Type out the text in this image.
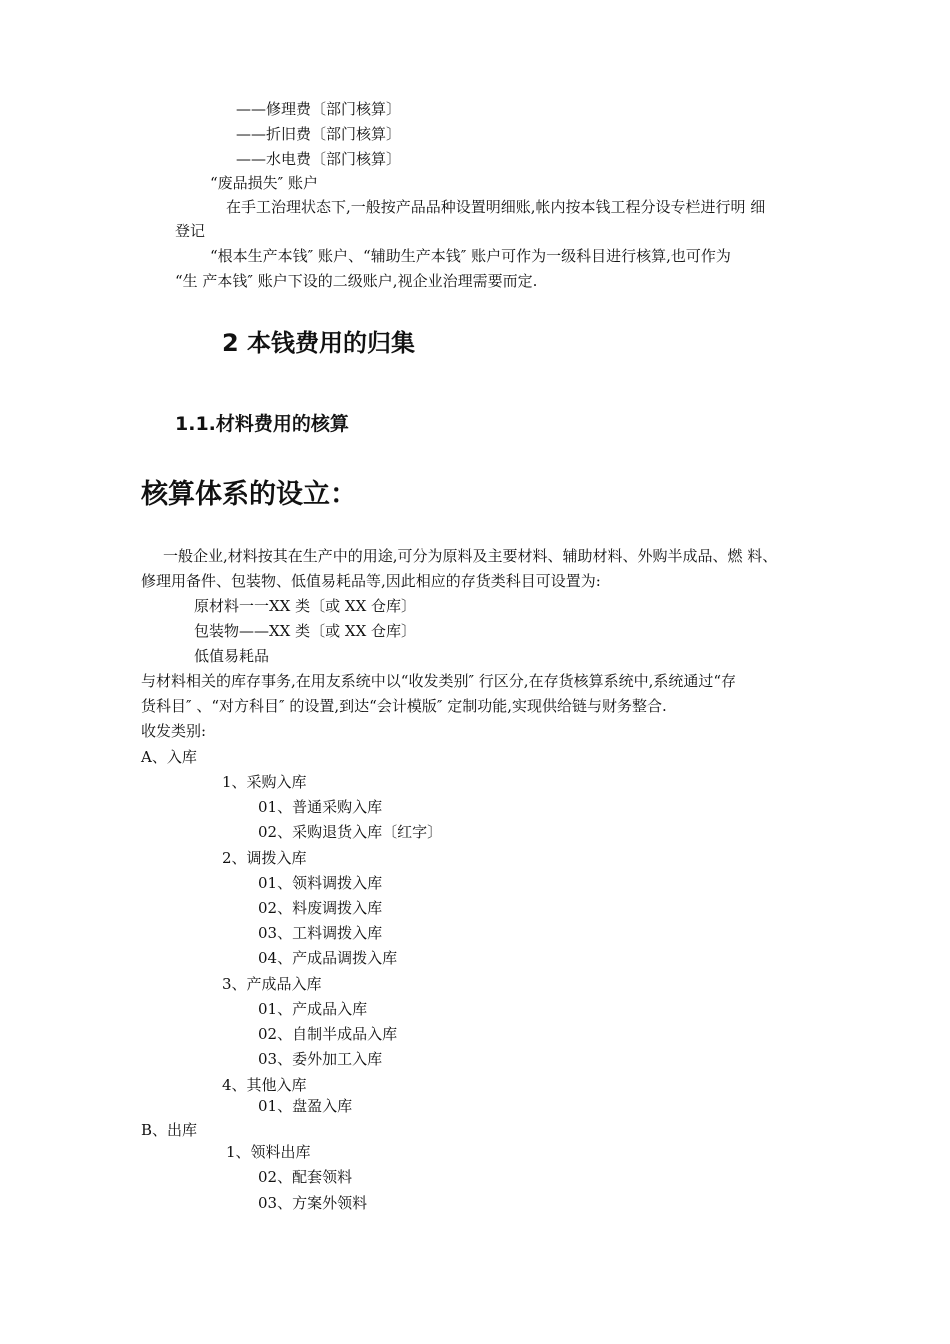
——修理费〔部门核算〕
——折旧费〔部门核算〕
——水电费〔部门核算〕
“废品损失″ 账户
在手工治理状态下,一般按产品品种设置明细账,帐内按本钱工程分设专栏进行明 细
登记
“根本生产本钱″ 账户、“辅助生产本钱″ 账户可作为一级科目进行核算,也可作为
“生 产本钱″ 账户下设的二级账户,视企业治理需要而定.
2 本钱费用的归集
1.1.材料费用的核算
核算体系的设立：
一般企业,材料按其在生产中的用途,可分为原料及主要材料、辅助材料、外购半成品、燃 料、
修理用备件、包装物、低值易耗品等,因此相应的存货类科目可设置为:
原材料一一XX 类〔或 XX 仓库〕
包装物——XX 类〔或 XX 仓库〕
低值易耗品
与材料相关的库存事务,在用友系统中以“收发类别″ 行区分,在存货核算系统中,系统通过“存
货科目″ 、“对方科目″ 的设置,到达“会计模版″ 定制功能,实现供给链与财务整合.
收发类别:
A、入库
1、采购入库
01、普通采购入库
02、采购退货入库〔红字〕
2、调拨入库
01、领料调拨入库
02、料废调拨入库
03、工料调拨入库
04、产成品调拨入库
3、产成品入库
01、产成品入库
02、自制半成品入库
03、委外加工入库
4、其他入库
01、盘盈入库
B、出库
1、领料出库
02、配套领料
03、方案外领料
